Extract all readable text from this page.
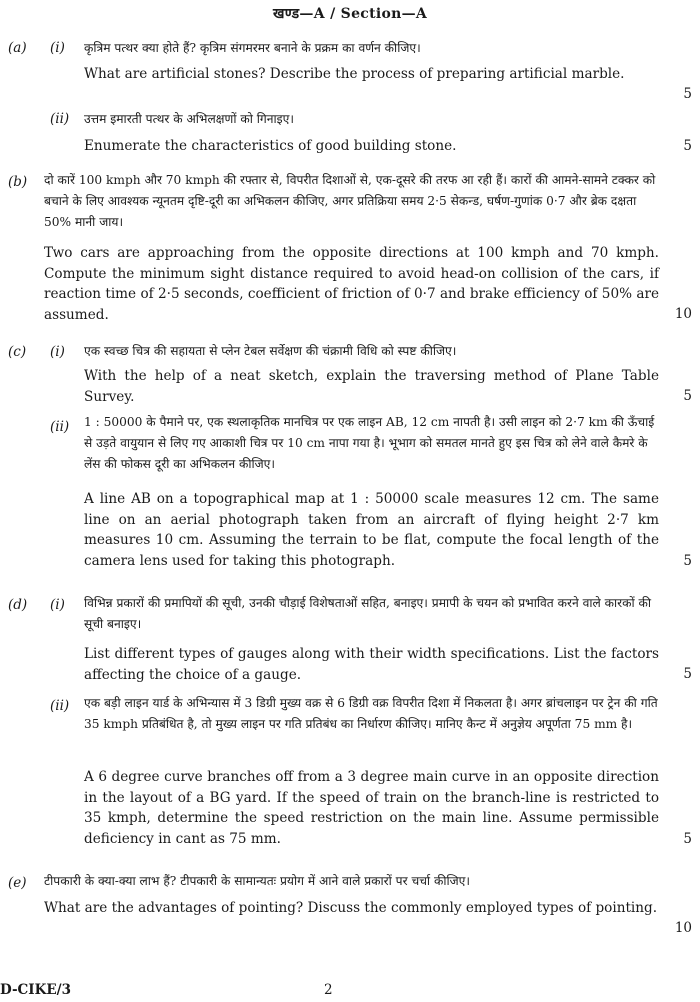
खण्ड—A / Section—A
(a) (i) कृत्रिम पत्थर क्या होते हैं? कृत्रिम संगमरमर बनाने के प्रक्रम का वर्णन कीजिए।
What are artificial stones? Describe the process of preparing artificial marble.
5
(ii) उत्तम इमारती पत्थर के अभिलक्षणों को गिनाइए।
Enumerate the characteristics of good building stone.	5
(b) दो कारें 100 kmph और 70 kmph की रफ्तार से, विपरीत दिशाओं से, एक-दूसरे की तरफ आ रही हैं। कारों की आमने-सामने टक्कर को बचाने के लिए आवश्यक न्यूनतम दृष्टि-दूरी का अभिकलन कीजिए, अगर प्रतिक्रिया समय 2·5 सेकन्ड, घर्षण-गुणांक 0·7 और ब्रेक दक्षता 50% मानी जाय।
Two cars are approaching from the opposite directions at 100 kmph and 70 kmph. Compute the minimum sight distance required to avoid head-on collision of the cars, if reaction time of 2·5 seconds, coefficient of friction of 0·7 and brake efficiency of 50% are assumed.	10
(c) (i) एक स्वच्छ चित्र की सहायता से प्लेन टेबल सर्वेक्षण की चंक्रामी विधि को स्पष्ट कीजिए।
With the help of a neat sketch, explain the traversing method of Plane Table Survey.	5
(ii) 1 : 50000 के पैमाने पर, एक स्थलाकृतिक मानचित्र पर एक लाइन AB, 12 cm नापती है। उसी लाइन को 2·7 km की ऊँचाई से उड़ते वायुयान से लिए गए आकाशी चित्र पर 10 cm नापा गया है। भूभाग को समतल मानते हुए इस चित्र को लेने वाले कैमरे के लेंस की फोकस दूरी का अभिकलन कीजिए।
A line AB on a topographical map at 1 : 50000 scale measures 12 cm. The same line on an aerial photograph taken from an aircraft of flying height 2·7 km measures 10 cm. Assuming the terrain to be flat, compute the focal length of the camera lens used for taking this photograph.	5
(d) (i) विभिन्न प्रकारों की प्रमापियों की सूची, उनकी चौड़ाई विशेषताओं सहित, बनाइए। प्रमापी के चयन को प्रभावित करने वाले कारकों की सूची बनाइए।
List different types of gauges along with their width specifications. List the factors affecting the choice of a gauge.	5
(ii) एक बड़ी लाइन यार्ड के अभिन्यास में 3 डिग्री मुख्य वक्र से 6 डिग्री वक्र विपरीत दिशा में निकलता है। अगर ब्रांचलाइन पर ट्रेन की गति 35 kmph प्रतिबंधित है, तो मुख्य लाइन पर गति प्रतिबंध का निर्धारण कीजिए। मानिए कैन्ट में अनुज्ञेय अपूर्णता 75 mm है।
A 6 degree curve branches off from a 3 degree main curve in an opposite direction in the layout of a BG yard. If the speed of train on the branch-line is restricted to 35 kmph, determine the speed restriction on the main line. Assume permissible deficiency in cant as 75 mm.	5
(e) टीपकारी के क्या-क्या लाभ हैं? टीपकारी के सामान्यतः प्रयोग में आने वाले प्रकारों पर चर्चा कीजिए।
What are the advantages of pointing? Discuss the commonly employed types of pointing.
10
D-CIKE/3	2
